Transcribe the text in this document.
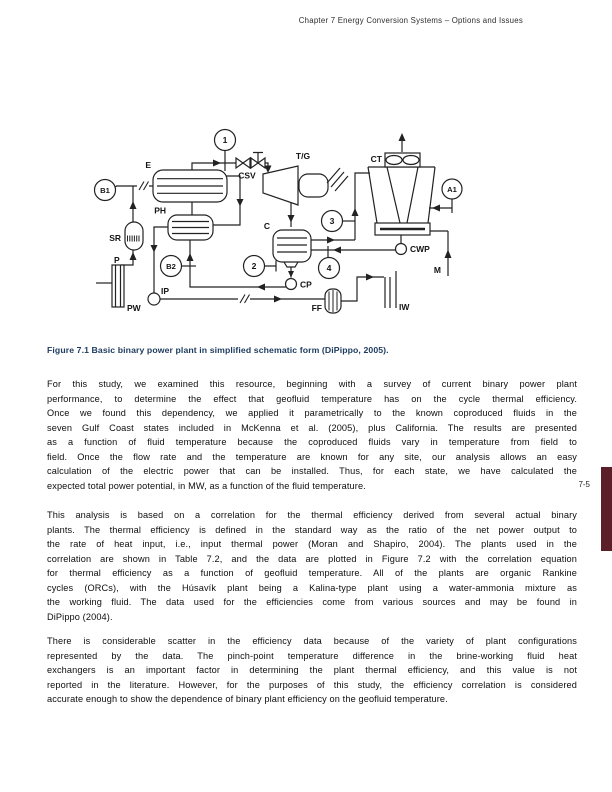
Chapter 7 Energy Conversion Systems – Options and Issues
1
2
3
4
B1
B2
A1
E
PH
C
CSV
T/G	CT
SR
P
PW
IP
CP
CWP
M
FF	IW
Figure 7.1 Basic binary power plant in simplified schematic form (DiPippo, 2005).
For this study, we examined this resource, beginning with a survey of current binary power plant
performance, to determine the effect that geofluid temperature has on the cycle thermal efficiency.
Once we found this dependency, we applied it parametrically to the known coproduced fluids in the
seven Gulf Coast states included in McKenna et al. (2005), plus California. The results are presented
as a function of fluid temperature because the coproduced fluids vary in temperature from field to
field. Once the flow rate and the temperature are known for any site, our analysis allows an easy
calculation of the electric power that can be installed. Thus, for each state, we have calculated the
expected total power potential, in MW, as a function of the fluid temperature.
This analysis is based on a correlation for the thermal efficiency derived from several actual binary
plants. The thermal efficiency is defined in the standard way as the ratio of the net power output to
the rate of heat input, i.e., input thermal power (Moran and Shapiro, 2004). The plants used in the
correlation are shown in Table 7.2, and the data are plotted in Figure 7.2 with the correlation equation
for thermal efficiency as a function of geofluid temperature. All of the plants are organic Rankine
cycles (ORCs), with the Húsavík plant being a Kalina-type plant using a water-ammonia mixture as
the working fluid. The data used for the efficiencies come from various sources and may be found in
DiPippo (2004).
There is considerable scatter in the efficiency data because of the variety of plant configurations
represented by the data. The pinch-point temperature difference in the brine-working fluid heat
exchangers is an important factor in determining the plant thermal efficiency, and this value is not
reported in the literature. However, for the purposes of this study, the efficiency correlation is considered
accurate enough to show the dependence of binary plant efficiency on the geofluid temperature.
7-5
